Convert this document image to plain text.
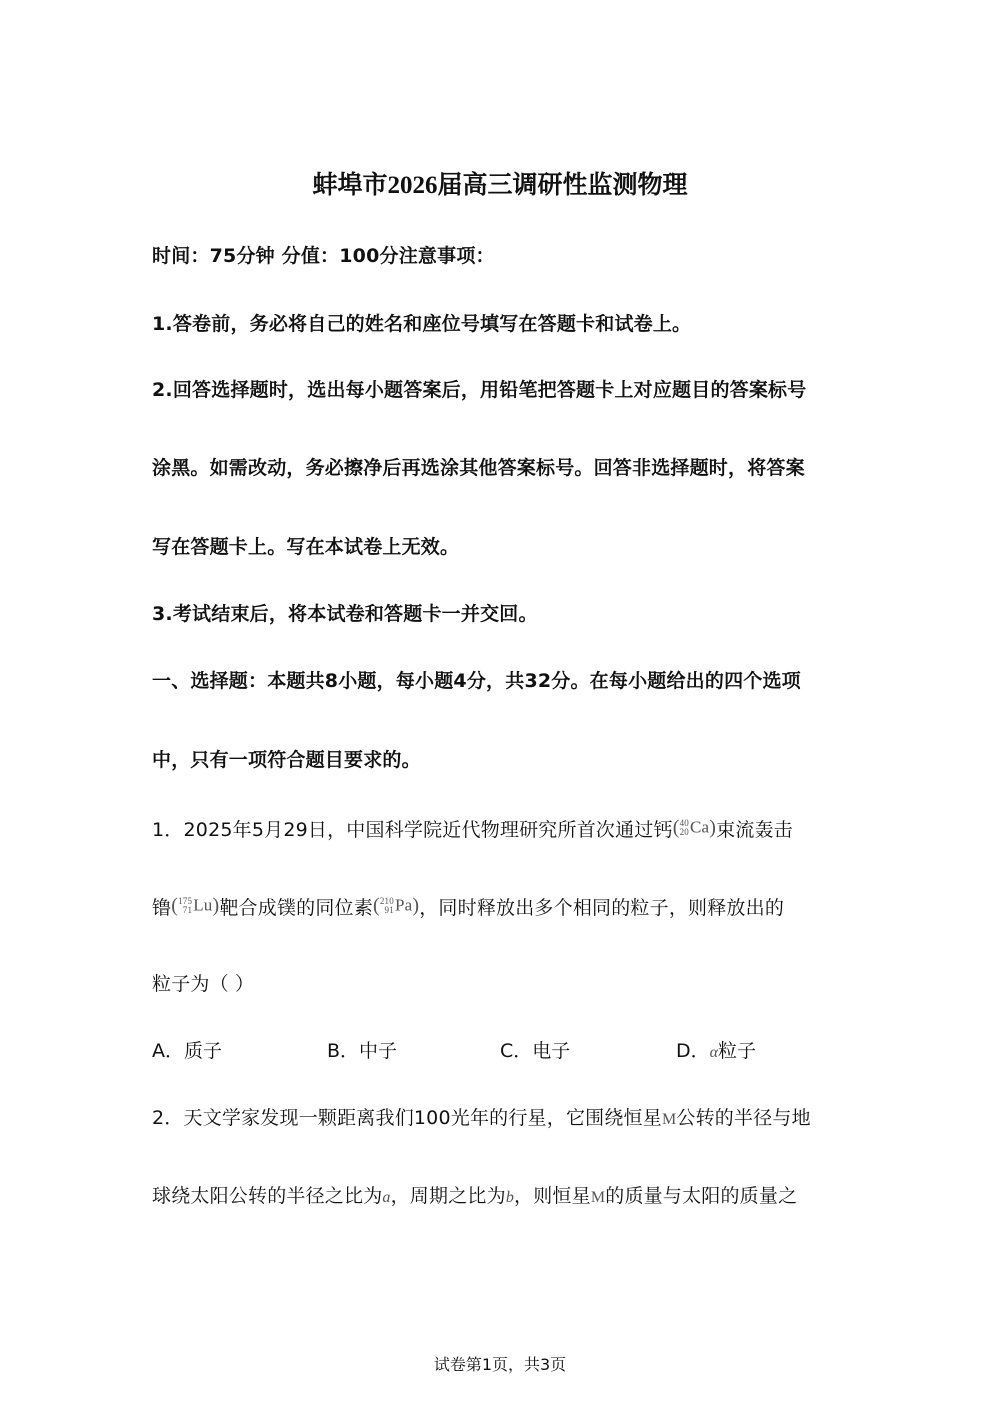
蚌埠市2026届高三调研性监测物理
时间：75分钟 分值：100分注意事项：
1.答卷前，务必将自己的姓名和座位号填写在答题卡和试卷上。
2.回答选择题时，选出每小题答案后，用铅笔把答题卡上对应题目的答案标号
涂黑。如需改动，务必擦净后再选涂其他答案标号。回答非选择题时，将答案
写在答题卡上。写在本试卷上无效。
3.考试结束后，将本试卷和答题卡一并交回。
一、选择题：本题共8小题，每小题4分，共32分。在每小题给出的四个选项
中，只有一项符合题目要求的。
1．2025年5月29日，中国科学院近代物理研究所首次通过钙( 40
20 Ca)束流轰击
镥( 175
71 Lu)靶合成镤的同位素( 210
91 Pa)，同时释放出多个相同的粒子，则释放出的
粒子为（ ）
A．质子	B．中子	C．电子	D．α粒子
2．天文学家发现一颗距离我们100光年的行星，它围绕恒星M公转的半径与地
球绕太阳公转的半径之比为a，周期之比为b，则恒星M的质量与太阳的质量之
试卷第1页，共3页
